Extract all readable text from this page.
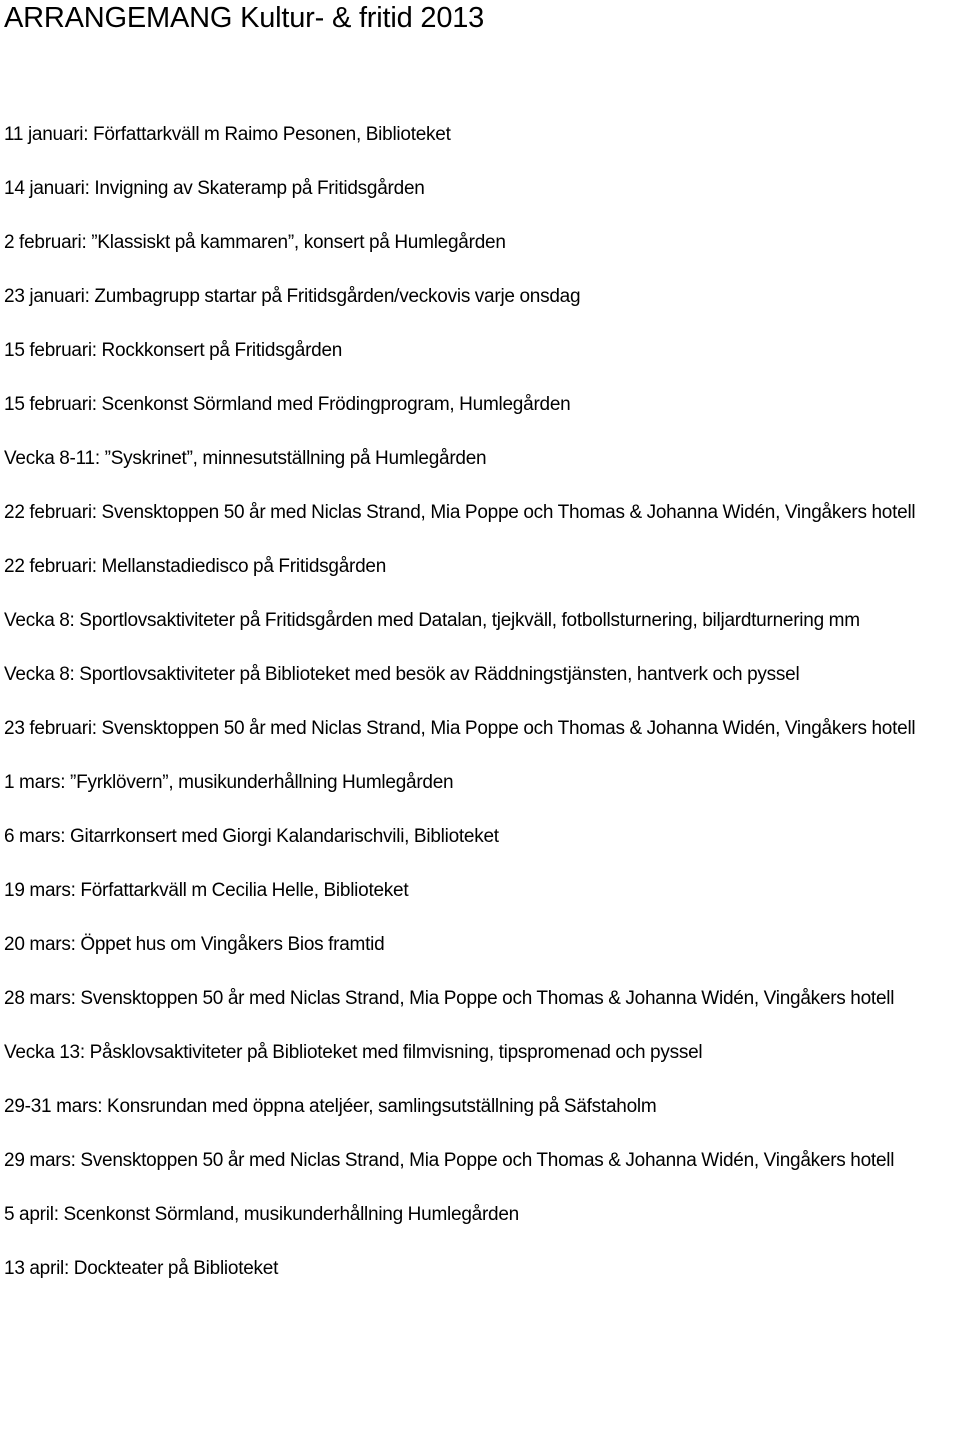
ARRANGEMANG Kultur- & fritid 2013
11 januari: Författarkväll m Raimo Pesonen, Biblioteket
14 januari: Invigning av Skateramp på Fritidsgården
2 februari: ”Klassiskt på kammaren”, konsert på Humlegården
23 januari: Zumbagrupp startar på Fritidsgården/veckovis varje onsdag
15 februari: Rockkonsert på Fritidsgården
15 februari: Scenkonst Sörmland med Frödingprogram, Humlegården
Vecka 8-11: ”Syskrinet”, minnesutställning på Humlegården
22 februari: Svensktoppen 50 år med Niclas Strand, Mia Poppe och Thomas & Johanna Widén, Vingåkers hotell
22 februari: Mellanstadiedisco på Fritidsgården
Vecka 8: Sportlovsaktiviteter på Fritidsgården med Datalan, tjejkväll, fotbollsturnering, biljardturnering mm
Vecka 8: Sportlovsaktiviteter på Biblioteket med besök av Räddningstjänsten, hantverk och pyssel
23 februari: Svensktoppen 50 år med Niclas Strand, Mia Poppe och Thomas & Johanna Widén, Vingåkers hotell
1 mars: ”Fyrklövern”, musikunderhållning Humlegården
6 mars: Gitarrkonsert med Giorgi Kalandarischvili, Biblioteket
19 mars: Författarkväll m Cecilia Helle, Biblioteket
20 mars: Öppet hus om Vingåkers Bios framtid
28 mars: Svensktoppen 50 år med Niclas Strand, Mia Poppe och Thomas & Johanna Widén, Vingåkers hotell
Vecka 13: Påsklovsaktiviteter på Biblioteket med filmvisning, tipspromenad och pyssel
29-31 mars: Konsrundan med öppna ateljéer, samlingsutställning på Säfstaholm
29 mars: Svensktoppen 50 år med Niclas Strand, Mia Poppe och Thomas & Johanna Widén, Vingåkers hotell
5 april: Scenkonst Sörmland, musikunderhållning Humlegården
13 april: Dockteater på Biblioteket
